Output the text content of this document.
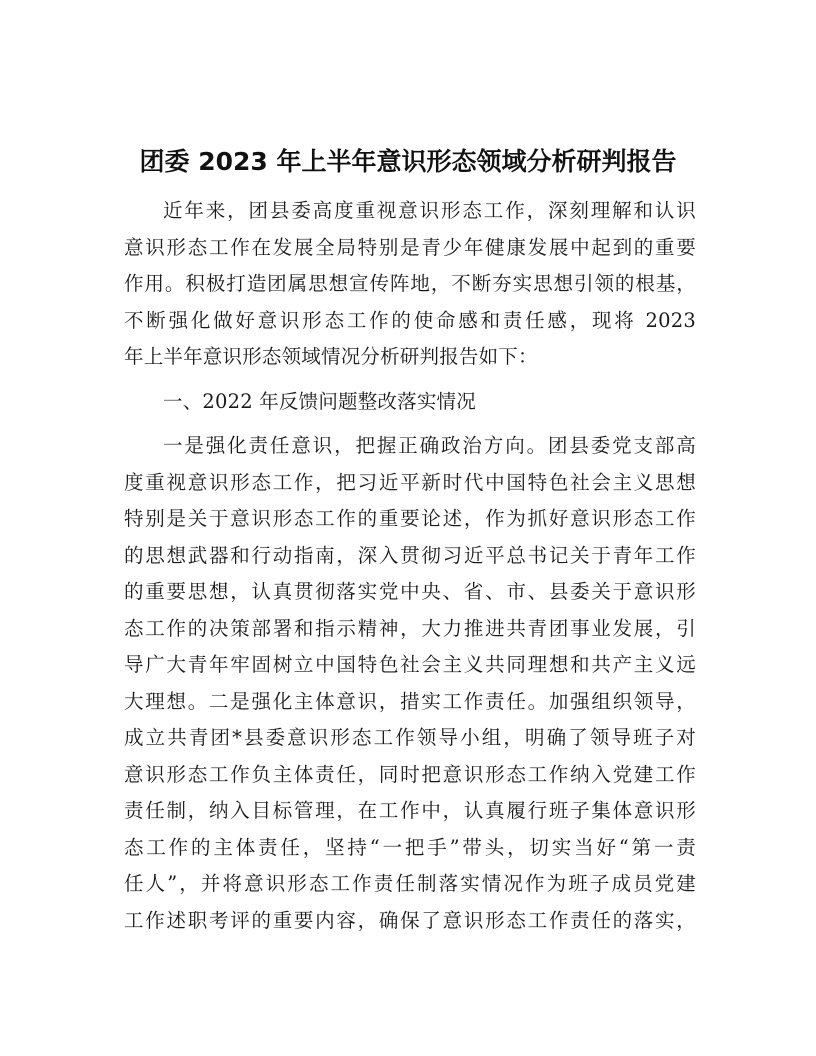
团委 2023 年上半年意识形态领域分析研判报告
近年来，团县委高度重视意识形态工作，深刻理解和认识
意识形态工作在发展全局特别是青少年健康发展中起到的重要
作用。积极打造团属思想宣传阵地，不断夯实思想引领的根基，
不断强化做好意识形态工作的使命感和责任感，现将 2023
年上半年意识形态领域情况分析研判报告如下：
一、2022 年反馈问题整改落实情况
一是强化责任意识，把握正确政治方向。团县委党支部高
度重视意识形态工作，把习近平新时代中国特色社会主义思想
特别是关于意识形态工作的重要论述，作为抓好意识形态工作
的思想武器和行动指南，深入贯彻习近平总书记关于青年工作
的重要思想，认真贯彻落实党中央、省、市、县委关于意识形
态工作的决策部署和指示精神，大力推进共青团事业发展，引
导广大青年牢固树立中国特色社会主义共同理想和共产主义远
大理想。二是强化主体意识，措实工作责任。加强组织领导，
成立共青团*县委意识形态工作领导小组，明确了领导班子对
意识形态工作负主体责任，同时把意识形态工作纳入党建工作
责任制，纳入目标管理，在工作中，认真履行班子集体意识形
态工作的主体责任，坚持“一把手”带头，切实当好“第一责
任人”，并将意识形态工作责任制落实情况作为班子成员党建
工作述职考评的重要内容，确保了意识形态工作责任的落实，
